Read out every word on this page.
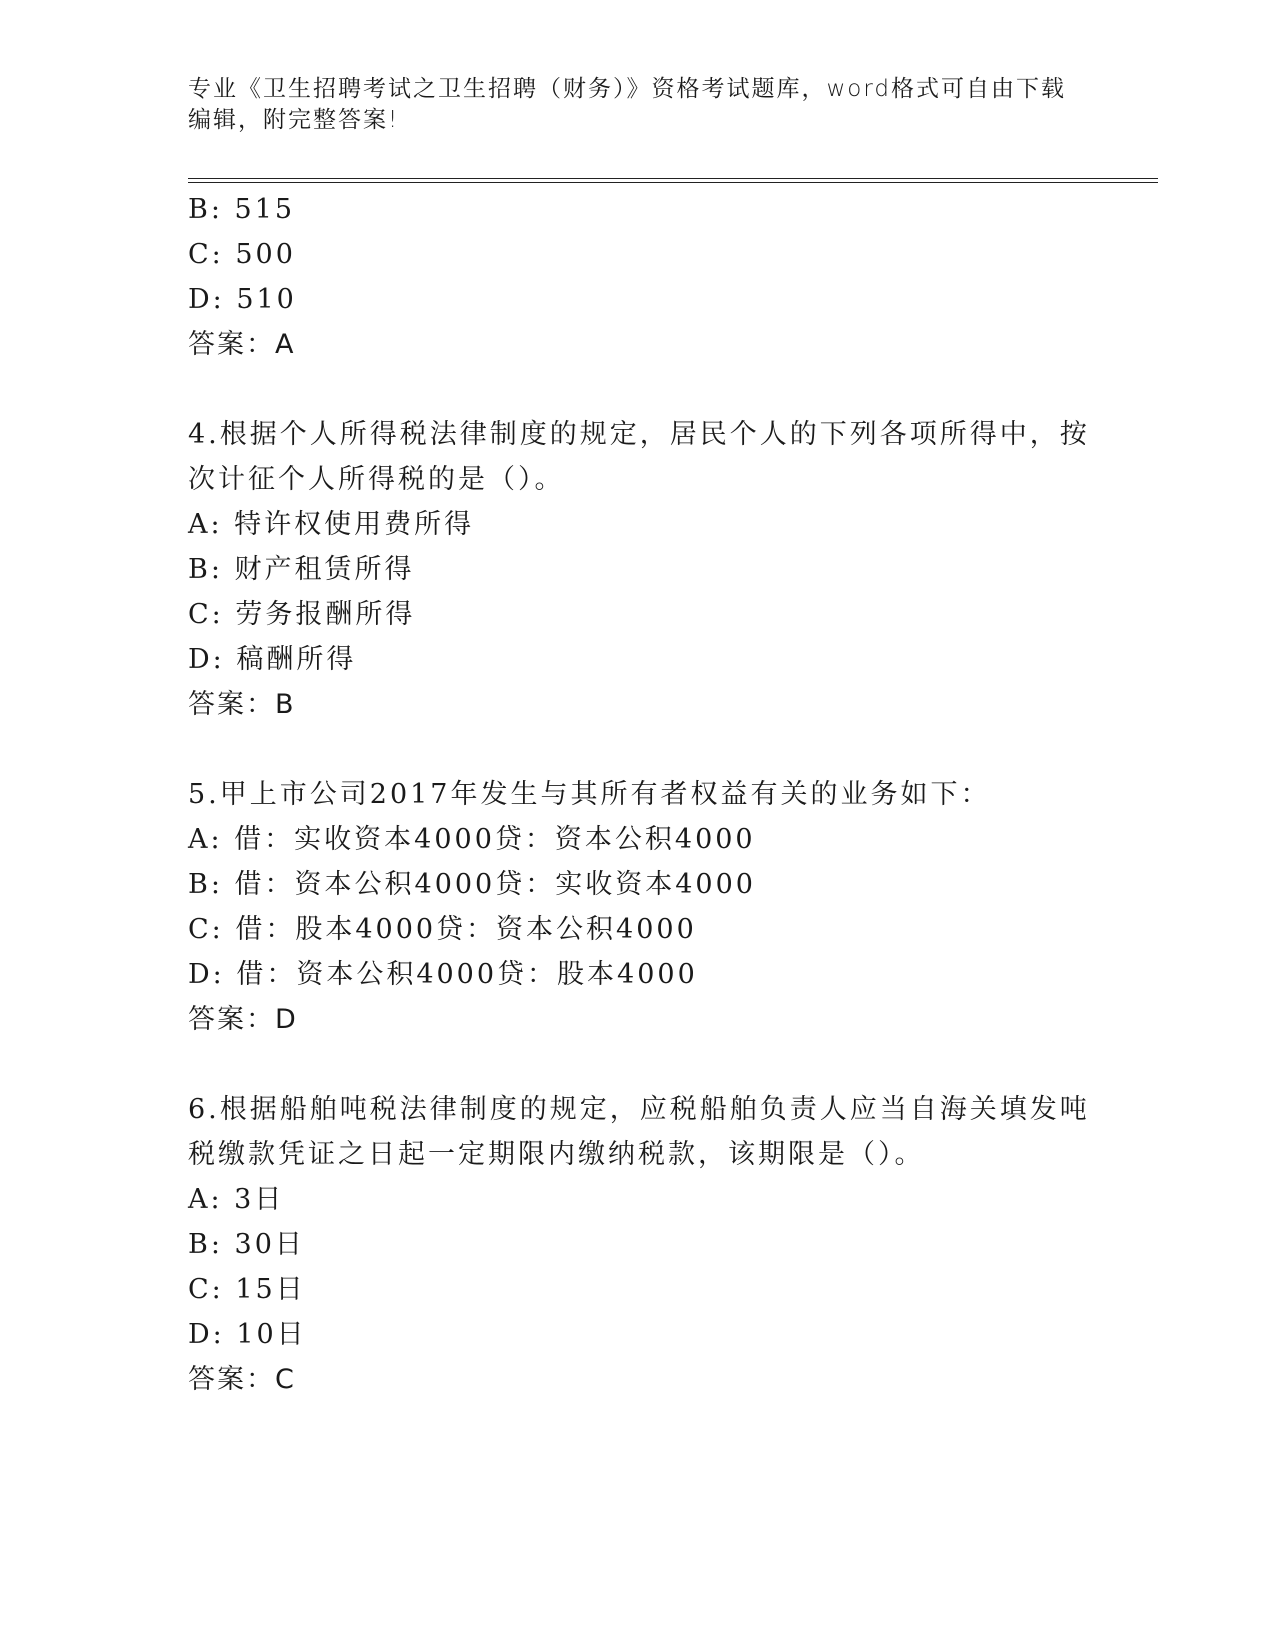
专业《卫生招聘考试之卫生招聘（财务）》资格考试题库，word格式可自由下载
编辑，附完整答案!
B: 515
C: 500
D: 510
答案：A
4.根据个人所得税法律制度的规定，居民个人的下列各项所得中，按
次计征个人所得税的是（）。
A: 特许权使用费所得
B: 财产租赁所得
C: 劳务报酬所得
D: 稿酬所得
答案：B
5.甲上市公司2017年发生与其所有者权益有关的业务如下：
A: 借：实收资本4000贷：资本公积4000
B: 借：资本公积4000贷：实收资本4000
C: 借：股本4000贷：资本公积4000
D: 借：资本公积4000贷：股本4000
答案：D
6.根据船舶吨税法律制度的规定，应税船舶负责人应当自海关填发吨
税缴款凭证之日起一定期限内缴纳税款，该期限是（）。
A: 3日
B: 30日
C: 15日
D: 10日
答案：C
